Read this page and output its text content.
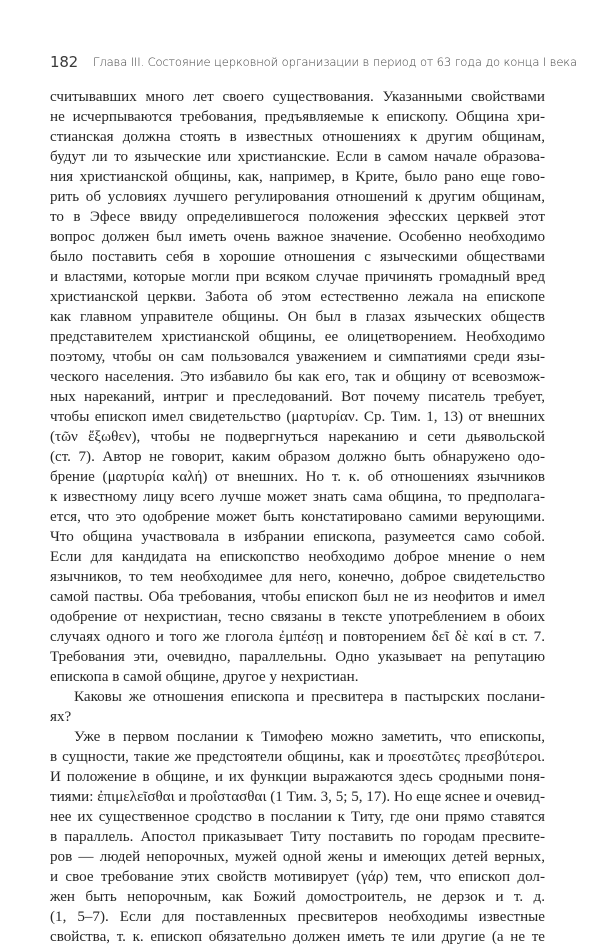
182 Глава III. Состояние церковной организации в период от 63 года до конца I века
считывавших много лет своего существования. Указанными свойствами
не исчерпываются требования, предъявляемые к епископу. Община хри-
стианская должна стоять в известных отношениях к другим общинам,
будут ли то языческие или христианские. Если в самом начале образова-
ния христианской общины, как, например, в Крите, было рано еще гово-
рить об условиях лучшего регулирования отношений к другим общинам,
то в Эфесе ввиду определившегося положения эфесских церквей этот
вопрос должен был иметь очень важное значение. Особенно необходимо
было поставить себя в хорошие отношения с языческими обществами
и властями, которые могли при всяком случае причинять громадный вред
христианской церкви. Забота об этом естественно лежала на епископе
как главном управителе общины. Он был в глазах языческих обществ
представителем христианской общины, ее олицетворением. Необходимо
поэтому, чтобы он сам пользовался уважением и симпатиями среди язы-
ческого населения. Это избавило бы как его, так и общину от всевозмож-
ных нареканий, интриг и преследований. Вот почему писатель требует,
чтобы епископ имел свидетельство (μαρτυρίαν. Ср. Тим. 1, 13) от внешних
(τῶν ἔξωθεν), чтобы не подвергнуться нареканию и сети дьявольской
(ст. 7). Автор не говорит, каким образом должно быть обнаружено одо-
брение (μαρτυρία καλή) от внешних. Но т. к. об отношениях язычников
к известному лицу всего лучше может знать сама община, то предполага-
ется, что это одобрение может быть констатировано самими верующими.
Что община участвовала в избрании епископа, разумеется само собой.
Если для кандидата на епископство необходимо доброе мнение о нем
язычников, то тем необходимее для него, конечно, доброе свидетельство
самой паствы. Оба требования, чтобы епископ был не из неофитов и имел
одобрение от нехристиан, тесно связаны в тексте употреблением в обоих
случаях одного и того же глогола ἐμπέσῃ и повторением δεῖ δὲ καί в ст. 7.
Требования эти, очевидно, параллельны. Одно указывает на репутацию
епископа в самой общине, другое у нехристиан.
Каковы же отношения епископа и пресвитера в пастырских послани-
ях?
Уже в первом послании к Тимофею можно заметить, что епископы,
в сущности, такие же предстоятели общины, как и προεστῶτες πρεσβύτεροι.
И положение в общине, и их функции выражаются здесь сродными поня-
тиями: ἐπιμελεῖσθαι и προΐστασθαι (1 Тим. 3, 5; 5, 17). Но еще яснее и очевид-
нее их существенное сродство в послании к Титу, где они прямо ставятся
в параллель. Апостол приказывает Титу поставить по городам пресвите-
ров — людей непорочных, мужей одной жены и имеющих детей верных,
и свое требование этих свойств мотивирует (γάρ) тем, что епископ дол-
жен быть непорочным, как Божий домостроитель, не дерзок и т. д.
(1, 5–7). Если для поставленных пресвитеров необходимы известные
свойства, т. к. епископ обязательно должен иметь те или другие (а не те
